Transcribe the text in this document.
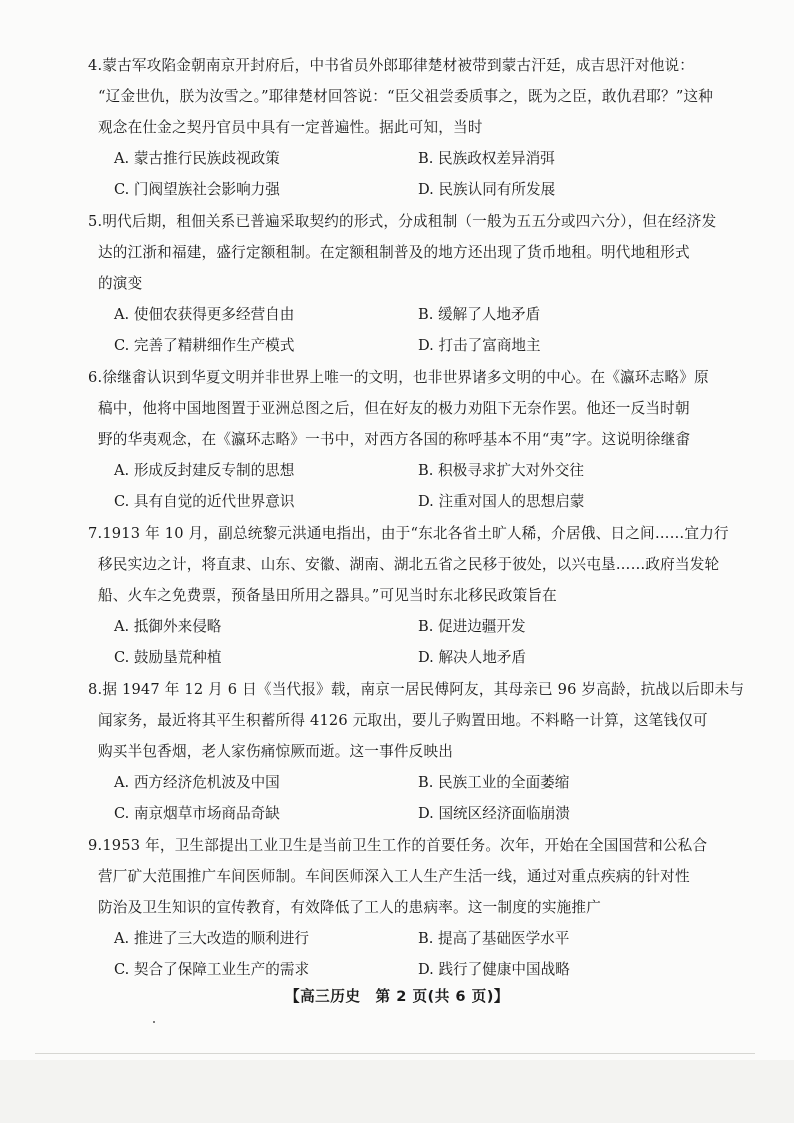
4.蒙古军攻陷金朝南京开封府后，中书省员外郎耶律楚材被带到蒙古汗廷，成吉思汗对他说：
“辽金世仇，朕为汝雪之。”耶律楚材回答说：“臣父祖尝委质事之，既为之臣，敢仇君耶？”这种
观念在仕金之契丹官员中具有一定普遍性。据此可知，当时
A. 蒙古推行民族歧视政策	B. 民族政权差异消弭
C. 门阀望族社会影响力强	D. 民族认同有所发展
5.明代后期，租佃关系已普遍采取契约的形式，分成租制（一般为五五分或四六分），但在经济发
达的江浙和福建，盛行定额租制。在定额租制普及的地方还出现了货币地租。明代地租形式
的演变
A. 使佃农获得更多经营自由	B. 缓解了人地矛盾
C. 完善了精耕细作生产模式	D. 打击了富商地主
6.徐继畬认识到华夏文明并非世界上唯一的文明，也非世界诸多文明的中心。在《瀛环志略》原
稿中，他将中国地图置于亚洲总图之后，但在好友的极力劝阻下无奈作罢。他还一反当时朝
野的华夷观念，在《瀛环志略》一书中，对西方各国的称呼基本不用“夷”字。这说明徐继畬
A. 形成反封建反专制的思想	B. 积极寻求扩大对外交往
C. 具有自觉的近代世界意识	D. 注重对国人的思想启蒙
7.1913 年 10 月，副总统黎元洪通电指出，由于“东北各省土旷人稀，介居俄、日之间……宜力行
移民实边之计，将直隶、山东、安徽、湖南、湖北五省之民移于彼处，以兴屯垦……政府当发轮
船、火车之免费票，预备垦田所用之器具。”可见当时东北移民政策旨在
A. 抵御外来侵略	B. 促进边疆开发
C. 鼓励垦荒种植	D. 解决人地矛盾
8.据 1947 年 12 月 6 日《当代报》载，南京一居民傅阿友，其母亲已 96 岁高龄，抗战以后即未与
闻家务，最近将其平生积蓄所得 4126 元取出，要儿子购置田地。不料略一计算，这笔钱仅可
购买半包香烟，老人家伤痛惊厥而逝。这一事件反映出
A. 西方经济危机波及中国	B. 民族工业的全面萎缩
C. 南京烟草市场商品奇缺	D. 国统区经济面临崩溃
9.1953 年，卫生部提出工业卫生是当前卫生工作的首要任务。次年，开始在全国国营和公私合
营厂矿大范围推广车间医师制。车间医师深入工人生产生活一线，通过对重点疾病的针对性
防治及卫生知识的宣传教育，有效降低了工人的患病率。这一制度的实施推广
A. 推进了三大改造的顺利进行	B. 提高了基础医学水平
C. 契合了保障工业生产的需求	D. 践行了健康中国战略
【高三历史　第 2 页(共 6 页)】
